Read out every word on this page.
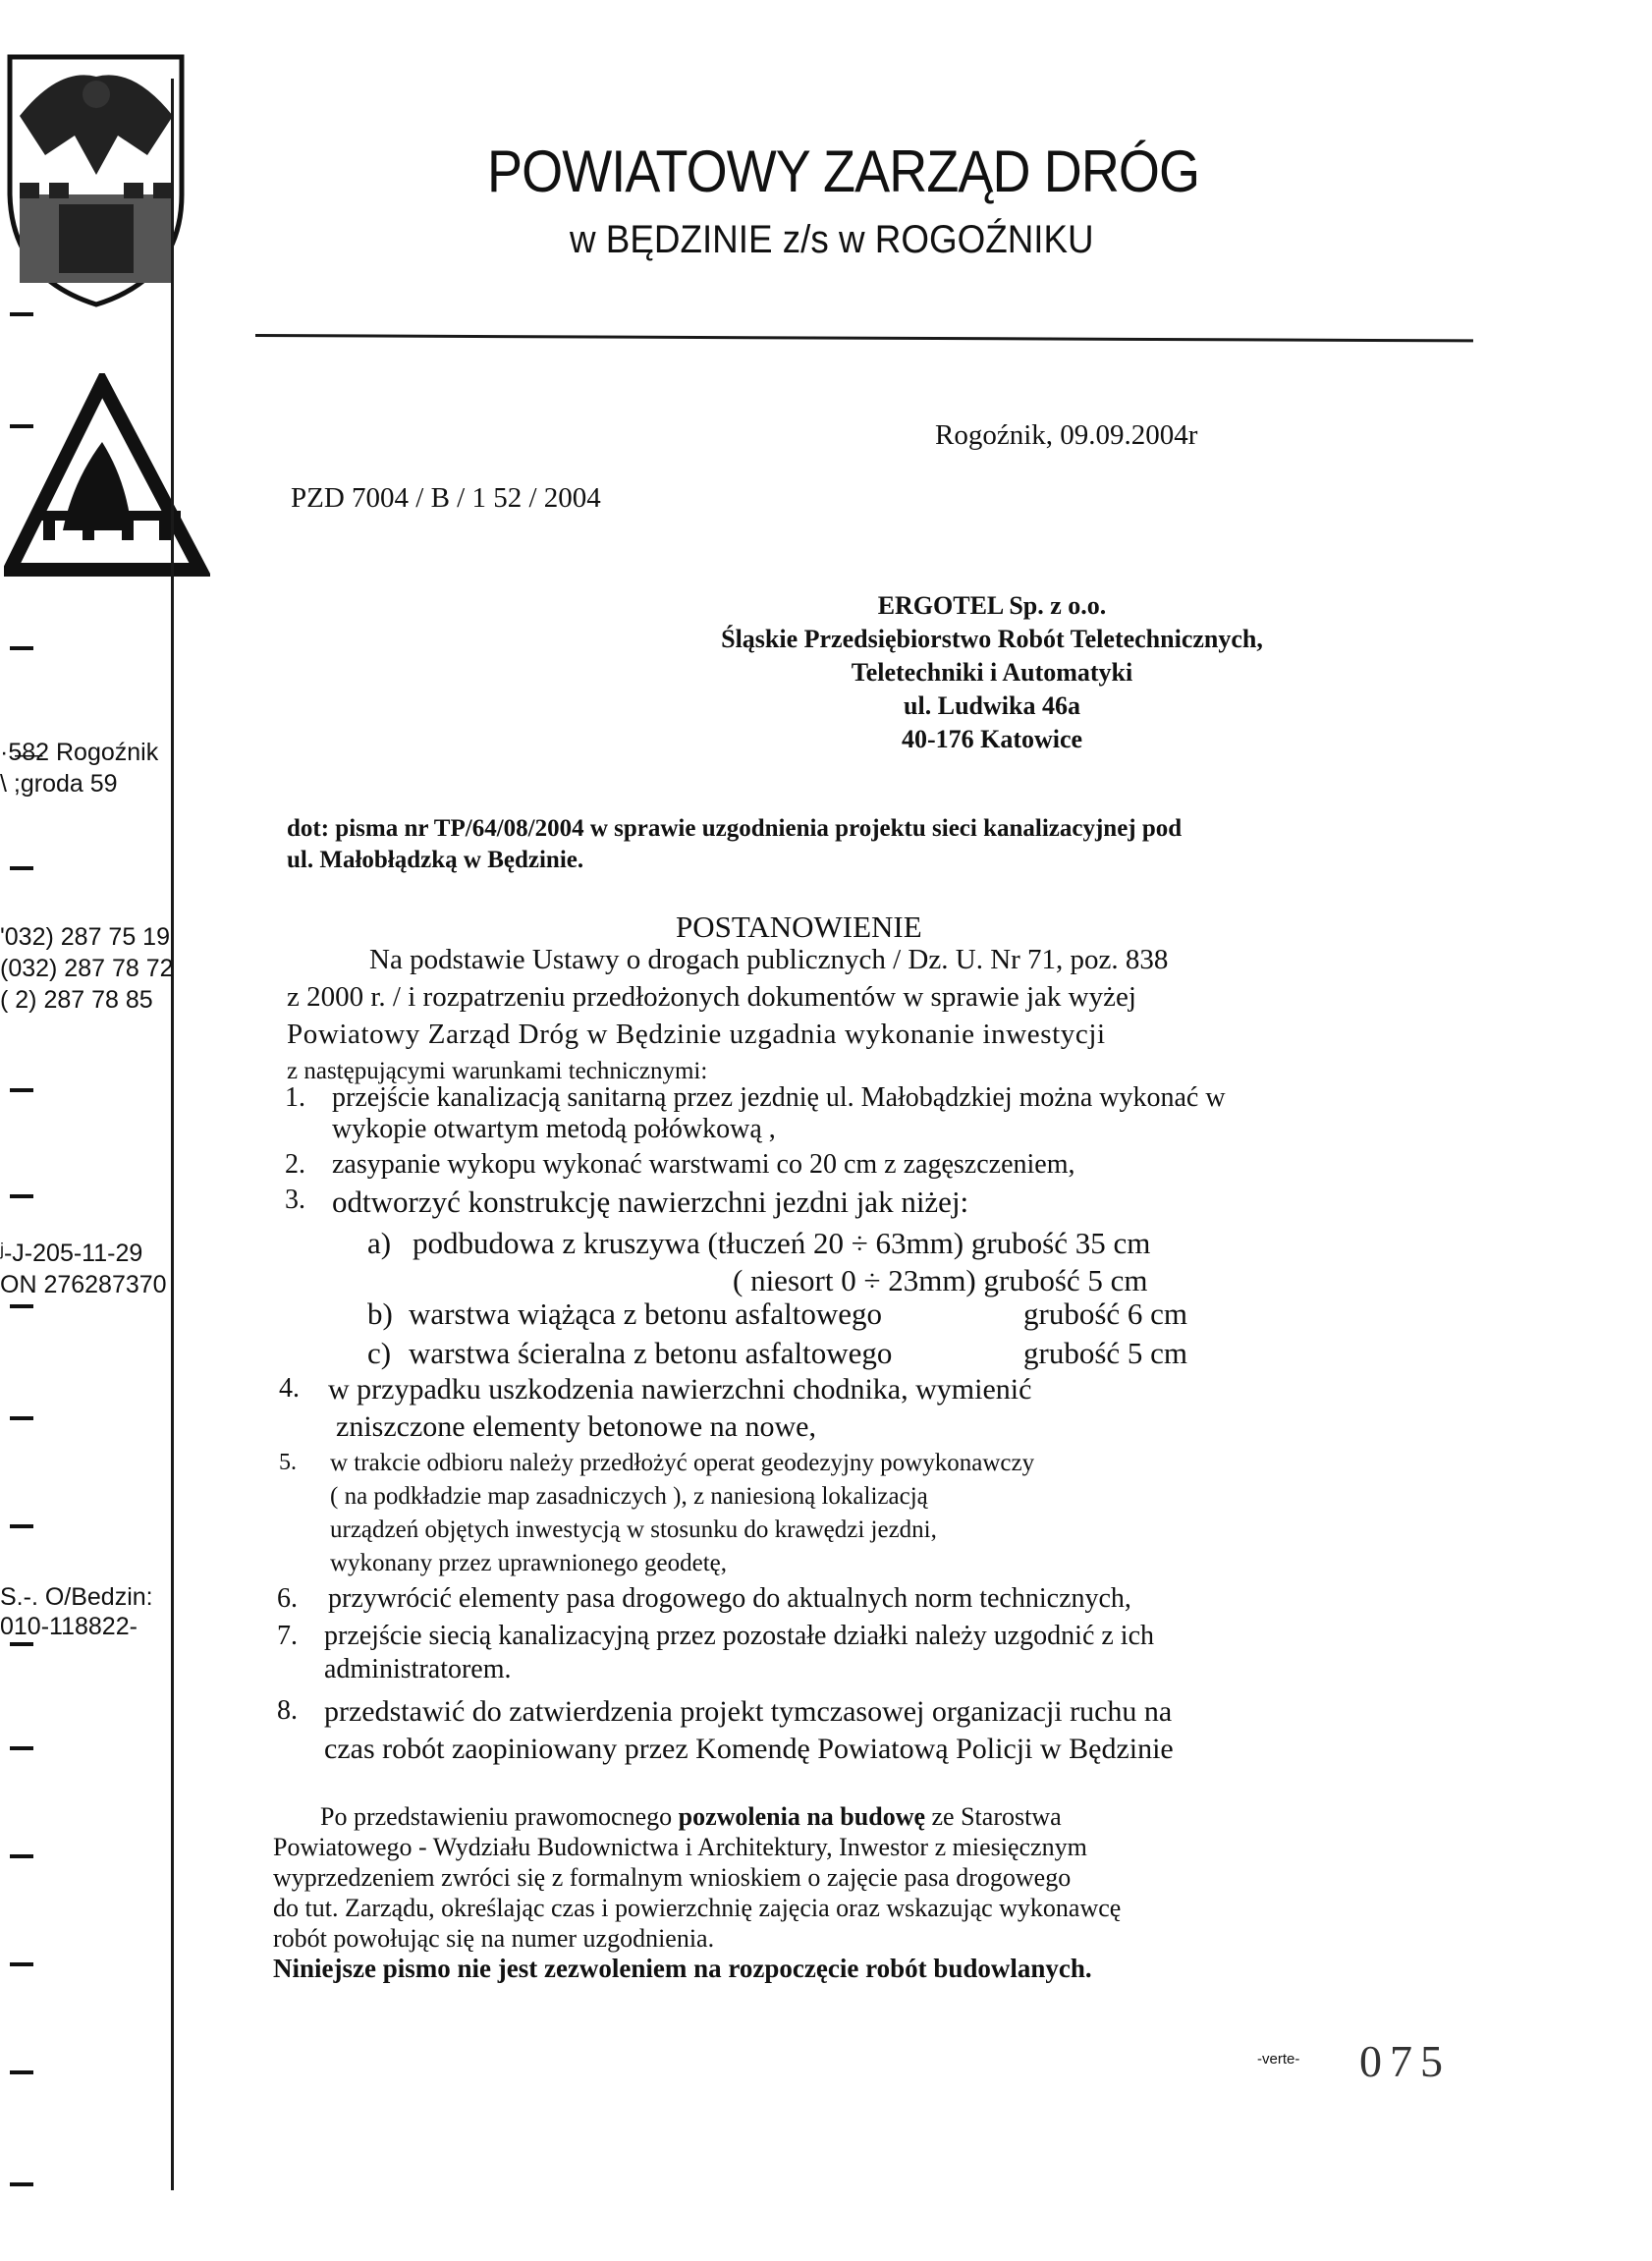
POWIATOWY ZARZĄD DRÓG
w BĘDZINIE z/s w ROGOŹNIKU
·5̶8̶2 Rogoźnik
\ ;groda 59
'032) 287 75 19
(032) 287 78 72
( 2) 287 78 85
ʲ-J-205-11-29
ON 276287370
S.-. O/Bedzin:
010-118822-
Rogoźnik, 09.09.2004r
PZD 7004 / B / 1 52 / 2004
ERGOTEL Sp. z o.o.
Śląskie Przedsiębiorstwo Robót Teletechnicznych,
Teletechniki i Automatyki
ul. Ludwika 46a
40-176 Katowice
dot: pisma nr TP/64/08/2004 w sprawie uzgodnienia projektu sieci kanalizacyjnej pod
ul. Małobłądzką w Będzinie.
POSTANOWIENIE
Na podstawie Ustawy o drogach publicznych / Dz. U. Nr 71, poz. 838
z 2000 r. / i rozpatrzeniu przedłożonych dokumentów w sprawie jak wyżej
Powiatowy Zarząd Dróg w Będzinie uzgadnia wykonanie inwestycji
z następującymi warunkami technicznymi:
1. przejście kanalizacją sanitarną przez jezdnię ul. Małobądzkiej można wykonać w
wykopie otwartym metodą połówkową ,
2. zasypanie wykopu wykonać warstwami co 20 cm z zagęszczeniem,
3. odtworzyć konstrukcję nawierzchni jezdni jak niżej:
a) podbudowa z kruszywa (tłuczeń 20 ÷ 63mm) grubość 35 cm
( niesort 0 ÷ 23mm) grubość 5 cm
b) warstwa wiążąca z betonu asfaltowego	grubość 6 cm
c) warstwa ścieralna z betonu asfaltowego	grubość 5 cm
4. w przypadku uszkodzenia nawierzchni chodnika, wymienić
zniszczone elementy betonowe na nowe,
5. w trakcie odbioru należy przedłożyć operat geodezyjny powykonawczy
( na podkładzie map zasadniczych ), z naniesioną lokalizacją
urządzeń objętych inwestycją w stosunku do krawędzi jezdni,
wykonany przez uprawnionego geodetę,
6. przywrócić elementy pasa drogowego do aktualnych norm technicznych,
7. przejście siecią kanalizacyjną przez pozostałe działki należy uzgodnić z ich
administratorem.
8. przedstawić do zatwierdzenia projekt tymczasowej organizacji ruchu na
czas robót zaopiniowany przez Komendę Powiatową Policji w Będzinie
Po przedstawieniu prawomocnego pozwolenia na budowę ze Starostwa
Powiatowego - Wydziału Budownictwa i Architektury, Inwestor z miesięcznym
wyprzedzeniem zwróci się z formalnym wnioskiem o zajęcie pasa drogowego
do tut. Zarządu, określając czas i powierzchnię zajęcia oraz wskazując wykonawcę
robót powołując się na numer uzgodnienia.
Niniejsze pismo nie jest zezwoleniem na rozpoczęcie robót budowlanych.
-verte- 075
